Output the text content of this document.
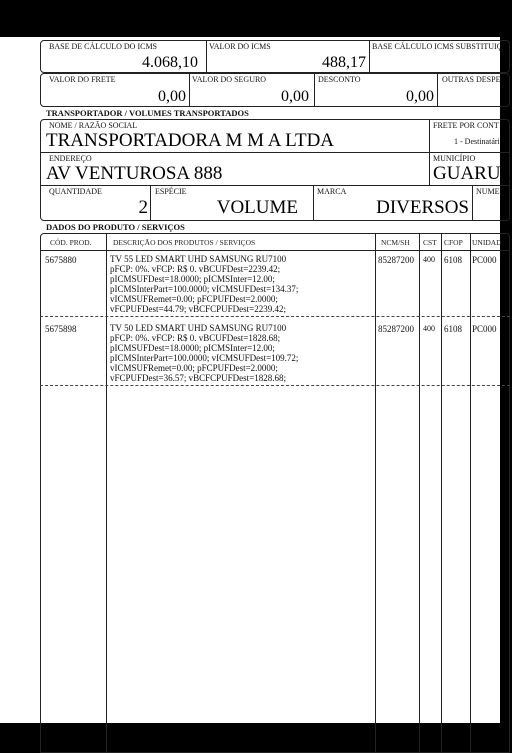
BASE DE CÁLCULO DO ICMS
4.068,10
VALOR DO ICMS
488,17
BASE CÁLCULO ICMS SUBSTITUIÇ
VALOR DO FRETE
0,00
VALOR DO SEGURO
0,00
DESCONTO
0,00
OUTRAS DESPE
TRANSPORTADOR / VOLUMES TRANSPORTADOS
NOME / RAZÃO SOCIAL
TRANSPORTADORA M M A LTDA
FRETE POR CONT
1 - Destinatári
ENDEREÇO
AV VENTUROSA 888
MUNICÍPIO
GUARUL
QUANTIDADE
2
ESPÉCIE
VOLUME
MARCA
DIVERSOS
NUME
DADOS DO PRODUTO / SERVIÇOS
CÓD. PROD.	DESCRIÇÃO DOS PRODUTOS / SERVIÇOS	NCM/SH CST CFOP UNIDAD
5675880	TV 55 LED SMART UHD SAMSUNG RU7100
pFCP: 0%. vFCP: R$ 0. vBCUFDest=2239.42;
pICMSUFDest=18.0000; pICMSInter=12.00;
pICMSInterPart=100.0000; vICMSUFDest=134.37;
vICMSUFRemet=0.00; pFCPUFDest=2.0000;
vFCPUFDest=44.79; vBCFCPUFDest=2239.42;
85287200 400 6108 PC000
5675898	TV 50 LED SMART UHD SAMSUNG RU7100
pFCP: 0%. vFCP: R$ 0. vBCUFDest=1828.68;
pICMSUFDest=18.0000; pICMSInter=12.00;
pICMSInterPart=100.0000; vICMSUFDest=109.72;
vICMSUFRemet=0.00; pFCPUFDest=2.0000;
vFCPUFDest=36.57; vBCFCPUFDest=1828.68;
85287200 400 6108 PC000
